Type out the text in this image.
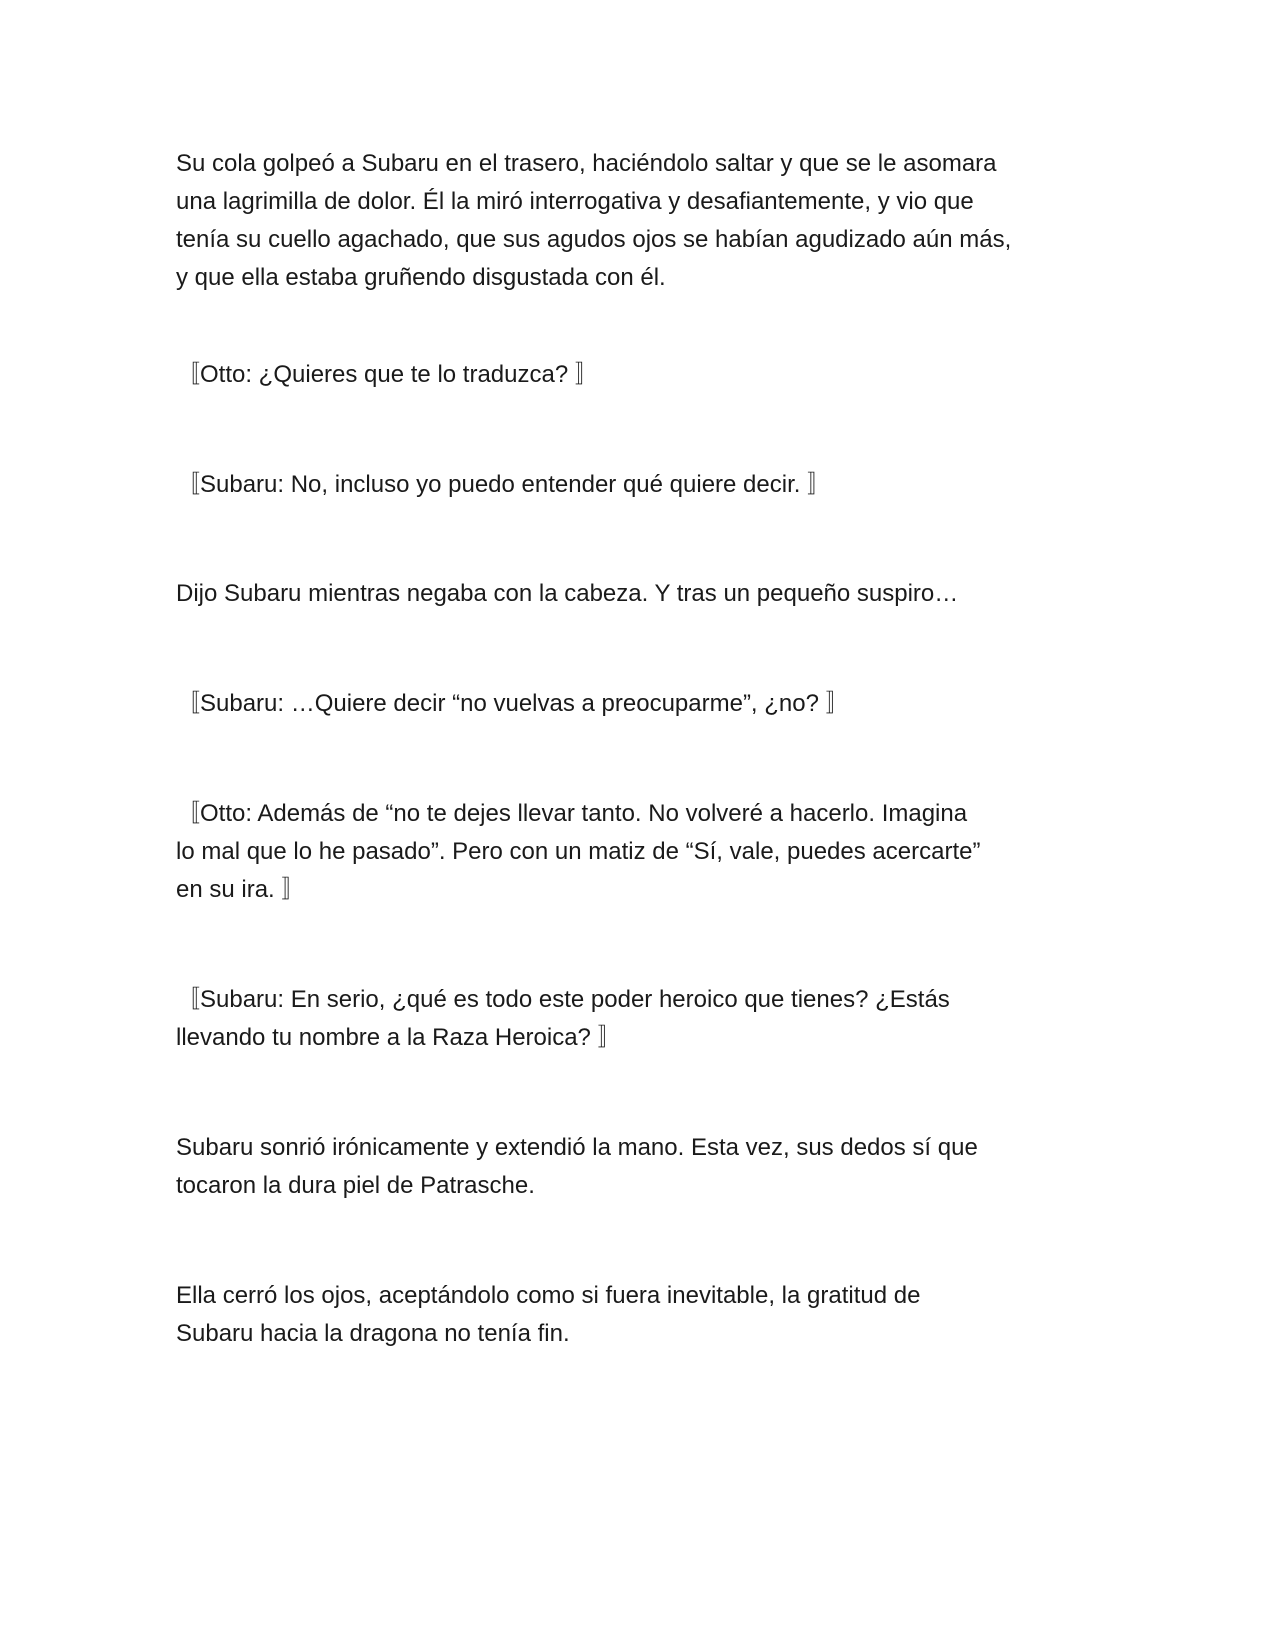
Su cola golpeó a Subaru en el trasero, haciéndolo saltar y que se le asomara
una lagrimilla de dolor. Él la miró interrogativa y desafiantemente, y vio que
tenía su cuello agachado, que sus agudos ojos se habían agudizado aún más,
y que ella estaba gruñendo disgustada con él.

〚Otto: ¿Quieres que te lo traduzca? 〛

〚Subaru: No, incluso yo puedo entender qué quiere decir. 〛

Dijo Subaru mientras negaba con la cabeza. Y tras un pequeño suspiro…

〚Subaru: …Quiere decir “no vuelvas a preocuparme”, ¿no? 〛

〚Otto: Además de “no te dejes llevar tanto. No volveré a hacerlo. Imagina
lo mal que lo he pasado”. Pero con un matiz de “Sí, vale, puedes acercarte”
en su ira. 〛

〚Subaru: En serio, ¿qué es todo este poder heroico que tienes? ¿Estás
llevando tu nombre a la Raza Heroica? 〛

Subaru sonrió irónicamente y extendió la mano. Esta vez, sus dedos sí que
tocaron la dura piel de Patrasche.

Ella cerró los ojos, aceptándolo como si fuera inevitable, la gratitud de
Subaru hacia la dragona no tenía fin.
